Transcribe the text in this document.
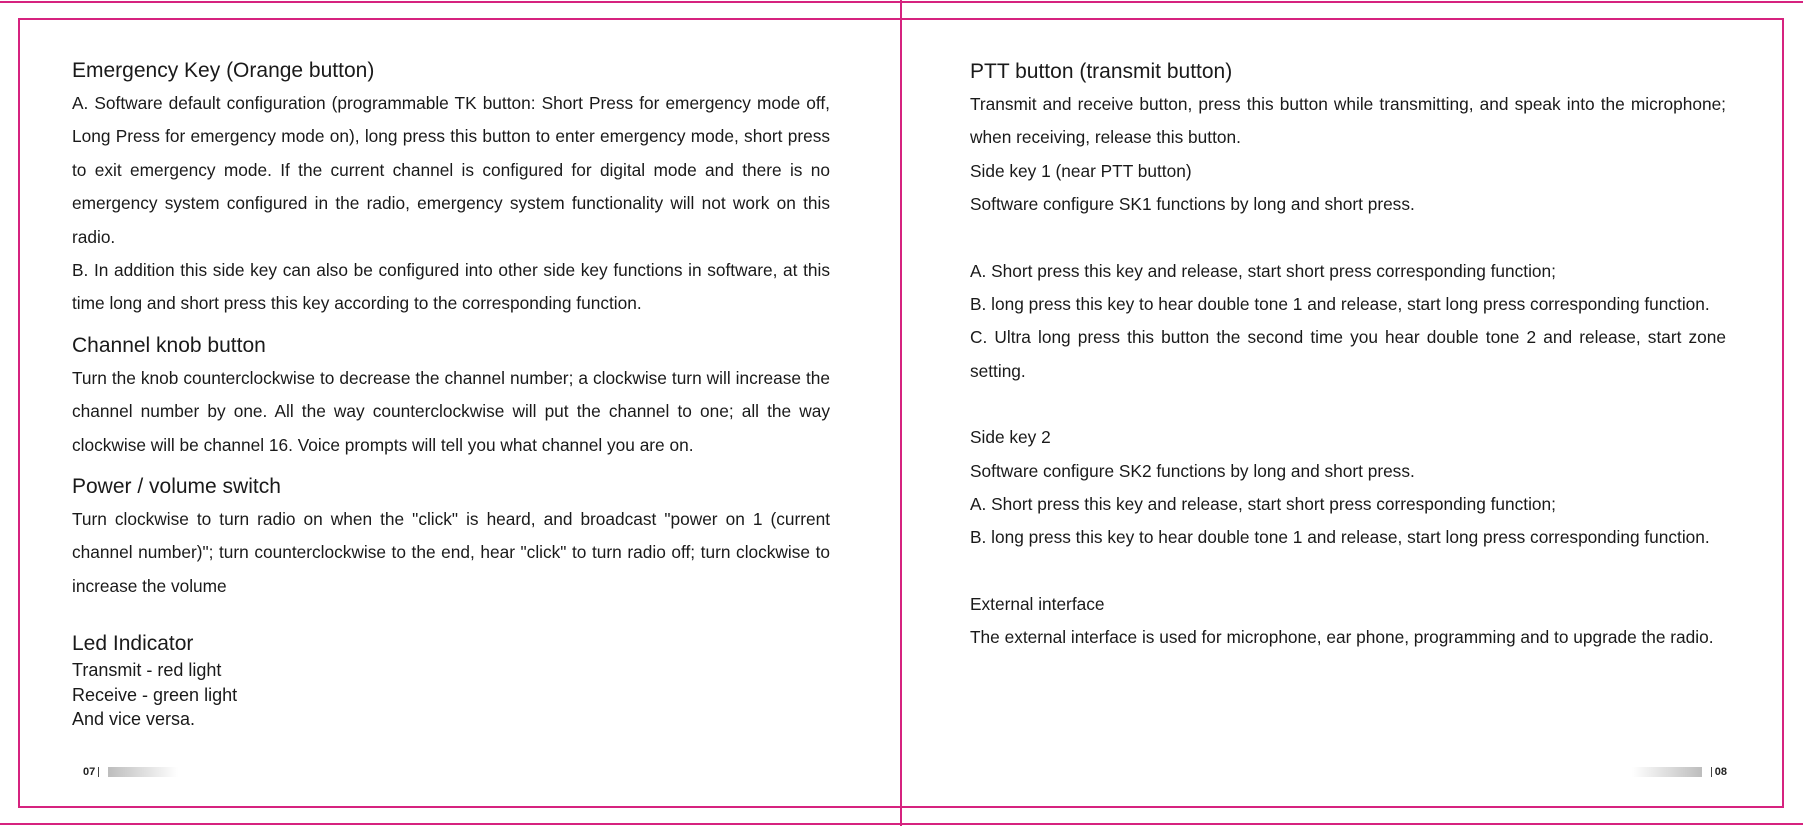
Emergency Key (Orange button)

A. Software default configuration (programmable TK button: Short Press for emergency mode off, Long Press for emergency mode on), long press this button to enter emergency mode, short press to exit emergency mode. If the current channel is configured for digital mode and there is no emergency system configured in the radio, emergency system functionality will not work on this radio.

B. In addition this side key can also be configured into other side key functions in software, at this time long and short press this key according to the corresponding function.

Channel knob button

Turn the knob counterclockwise to decrease the channel number; a clockwise turn will increase the channel number by one. All the way counterclockwise will put the channel to one; all the way clockwise will be channel 16. Voice prompts will tell you what channel you are on.

Power / volume switch

Turn clockwise to turn radio on when the "click" is heard, and broadcast "power on 1 (current channel number)"; turn counterclockwise to the end, hear "click" to turn radio off; turn clockwise to increase the volume

Led Indicator

Transmit - red light

Receive - green light

And vice versa.

07
PTT button (transmit button)

Transmit and receive button, press this button while transmitting, and speak into the microphone; when receiving, release this button.

Side key 1 (near PTT button)

Software configure SK1 functions by long and short press.

A. Short press this key and release, start short press corresponding function;

B. long press this key to hear double tone 1 and release, start long press corresponding function.

C. Ultra long press this button the second time you hear double tone 2 and release, start zone setting.

Side key 2

Software configure SK2 functions by long and short press.

A. Short press this key and release, start short press corresponding function;

B. long press this key to hear double tone 1 and release, start long press corresponding function.

External interface

The external interface is used for microphone, ear phone, programming and to upgrade the radio.

08
